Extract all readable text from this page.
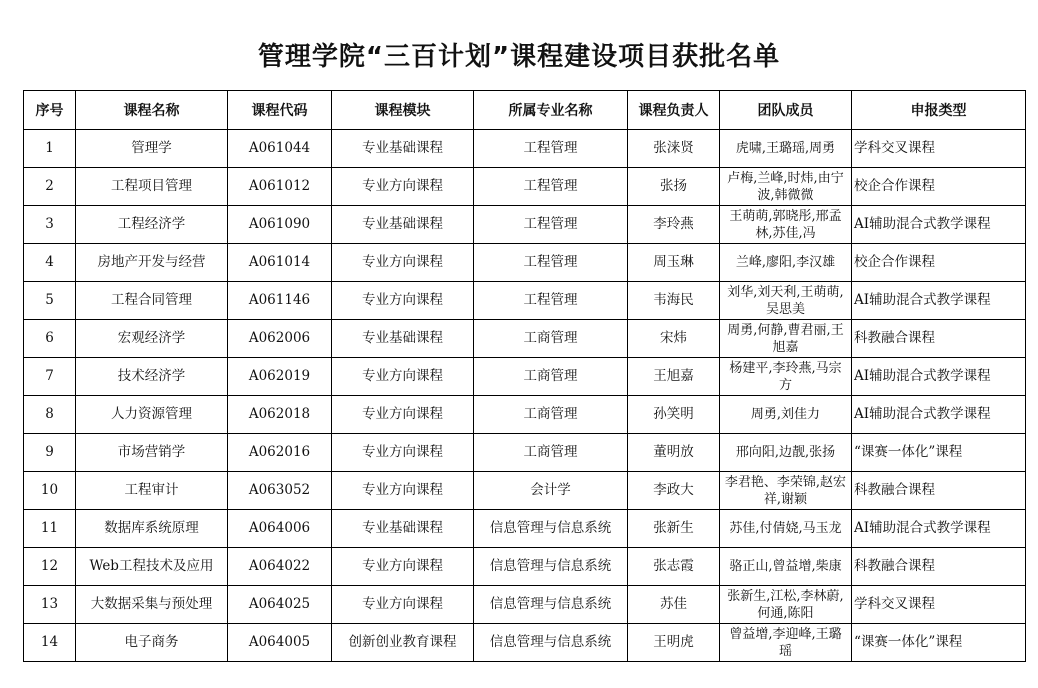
管理学院“三百计划”课程建设项目获批名单
序号	课程名称	课程代码	课程模块	所属专业名称	课程负责人	团队成员	申报类型
1	管理学	A061044	专业基础课程	工程管理	张涞贤	虎啸,王璐瑶,周勇	学科交叉课程
2	工程项目管理	A061012	专业方向课程	工程管理	张扬	卢梅,兰峰,时炜,由宁波,韩微微	校企合作课程
3	工程经济学	A061090	专业基础课程	工程管理	李玲燕	王萌萌,郭晓彤,邢孟林,苏佳,冯	AI辅助混合式教学课程
4	房地产开发与经营	A061014	专业方向课程	工程管理	周玉琳	兰峰,廖阳,李汉雄	校企合作课程
5	工程合同管理	A061146	专业方向课程	工程管理	韦海民	刘华,刘天利,王萌萌,吴思美	AI辅助混合式教学课程
6	宏观经济学	A062006	专业基础课程	工商管理	宋炜	周勇,何静,曹君丽,王旭嘉	科教融合课程
7	技术经济学	A062019	专业方向课程	工商管理	王旭嘉	杨建平,李玲燕,马宗方	AI辅助混合式教学课程
8	人力资源管理	A062018	专业方向课程	工商管理	孙笑明	周勇,刘佳力	AI辅助混合式教学课程
9	市场营销学	A062016	专业方向课程	工商管理	董明放	邢向阳,边靓,张扬	“课赛一体化”课程
10	工程审计	A063052	专业方向课程	会计学	李政大	李君艳、李荣锦,赵宏祥,谢颖	科教融合课程
11	数据库系统原理	A064006	专业基础课程	信息管理与信息系统	张新生	苏佳,付倩娆,马玉龙	AI辅助混合式教学课程
12	Web工程技术及应用	A064022	专业方向课程	信息管理与信息系统	张志霞	骆正山,曾益增,柴康	科教融合课程
13	大数据采集与预处理	A064025	专业方向课程	信息管理与信息系统	苏佳	张新生,江松,李林蔚,何通,陈阳	学科交叉课程
14	电子商务	A064005	创新创业教育课程	信息管理与信息系统	王明虎	曾益增,李迎峰,王璐瑶	“课赛一体化”课程
